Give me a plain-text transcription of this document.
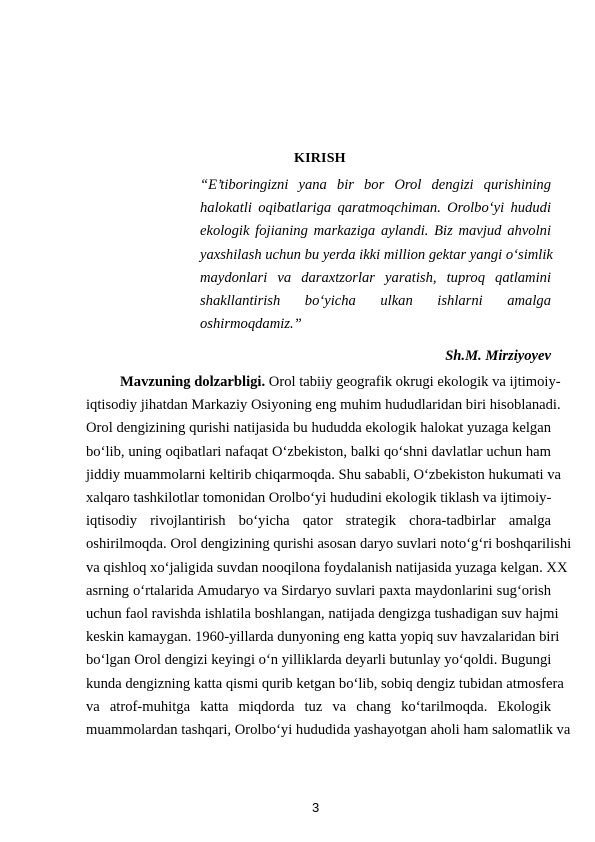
KIRISH
“E’tiboringizni yana bir bor Orol dengizi qurishining
halokatli oqibatlariga qaratmoqchiman. Orolbo‘yi hududi
ekologik fojianing markaziga aylandi. Biz mavjud ahvolni
yaxshilash uchun bu yerda ikki million gektar yangi o‘simlik
maydonlari va daraxtzorlar yaratish, tuproq qatlamini
shakllantirish bo‘yicha ulkan ishlarni amalga
oshirmoqdamiz.”
Sh.M. Mirziyoyev
Mavzuning dolzarbligi. Orol tabiiy geografik okrugi ekologik va ijtimoiy-
iqtisodiy jihatdan Markaziy Osiyoning eng muhim hududlaridan biri hisoblanadi.
Orol dengizining qurishi natijasida bu hududda ekologik halokat yuzaga kelgan
bo‘lib, uning oqibatlari nafaqat O‘zbekiston, balki qo‘shni davlatlar uchun ham
jiddiy muammolarni keltirib chiqarmoqda. Shu sababli, O‘zbekiston hukumati va
xalqaro tashkilotlar tomonidan Orolbo‘yi hududini ekologik tiklash va ijtimoiy-
iqtisodiy rivojlantirish bo‘yicha qator strategik chora-tadbirlar amalga
oshirilmoqda. Orol dengizining qurishi asosan daryo suvlari noto‘g‘ri boshqarilishi
va qishloq xo‘jaligida suvdan nooqilona foydalanish natijasida yuzaga kelgan. XX
asrning o‘rtalarida Amudaryo va Sirdaryo suvlari paxta maydonlarini sug‘orish
uchun faol ravishda ishlatila boshlangan, natijada dengizga tushadigan suv hajmi
keskin kamaygan. 1960-yillarda dunyoning eng katta yopiq suv havzalaridan biri
bo‘lgan Orol dengizi keyingi o‘n yilliklarda deyarli butunlay yo‘qoldi. Bugungi
kunda dengizning katta qismi qurib ketgan bo‘lib, sobiq dengiz tubidan atmosfera
va atrof-muhitga katta miqdorda tuz va chang ko‘tarilmoqda. Ekologik
muammolardan tashqari, Orolbo‘yi hududida yashayotgan aholi ham salomatlik va
3
